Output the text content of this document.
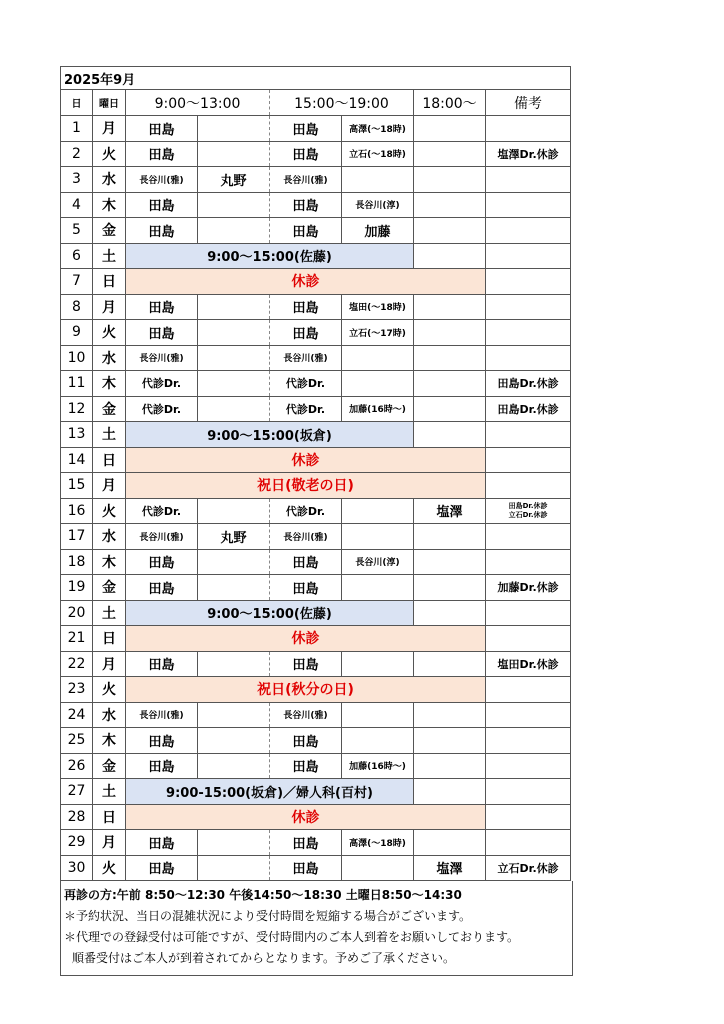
2025年9月							
日	曜日	9:00～13:00		15:00～19:00		18:00～	備考
1	月	田島		田島	高澤(～18時)		
2	火	田島		田島	立石(～18時)		塩澤Dr.休診
3	水	長谷川(雅)	丸野	長谷川(雅)			
4	木	田島		田島	長谷川(淳)		
5	金	田島		田島	加藤		
6	土	9:00～15:00(佐藤)					
7	日	休診					
8	月	田島		田島	塩田(～18時)		
9	火	田島		田島	立石(～17時)		
10	水	長谷川(雅)		長谷川(雅)			
11	木	代診Dr.		代診Dr.			田島Dr.休診
12	金	代診Dr.		代診Dr.	加藤(16時～)		田島Dr.休診
13	土	9:00～15:00(坂倉)					
14	日	休診					
15	月	祝日(敬老の日)					
16	火	代診Dr.		代診Dr.		塩澤	田島Dr.休診
立石Dr.休診

17	水	長谷川(雅)	丸野	長谷川(雅)			
18	木	田島		田島	長谷川(淳)		
19	金	田島		田島			加藤Dr.休診
20	土	9:00～15:00(佐藤)					
21	日	休診					
22	月	田島		田島			塩田Dr.休診
23	火	祝日(秋分の日)					
24	水	長谷川(雅)		長谷川(雅)			
25	木	田島		田島			
26	金	田島		田島	加藤(16時～)		
27	土	9:00-15:00(坂倉)／婦人科(百村)					
28	日	休診					
29	月	田島		田島	高澤(～18時)		
30	火	田島		田島		塩澤	立石Dr.休診
再診の方:午前 8:50～12:30 午後14:50～18:30 土曜日8:50～14:30
＊予約状況、当日の混雑状況により受付時間を短縮する場合がございます。
＊代理での登録受付は可能ですが、受付時間内のご本人到着をお願いしております。
順番受付はご本人が到着されてからとなります。予めご了承ください。
